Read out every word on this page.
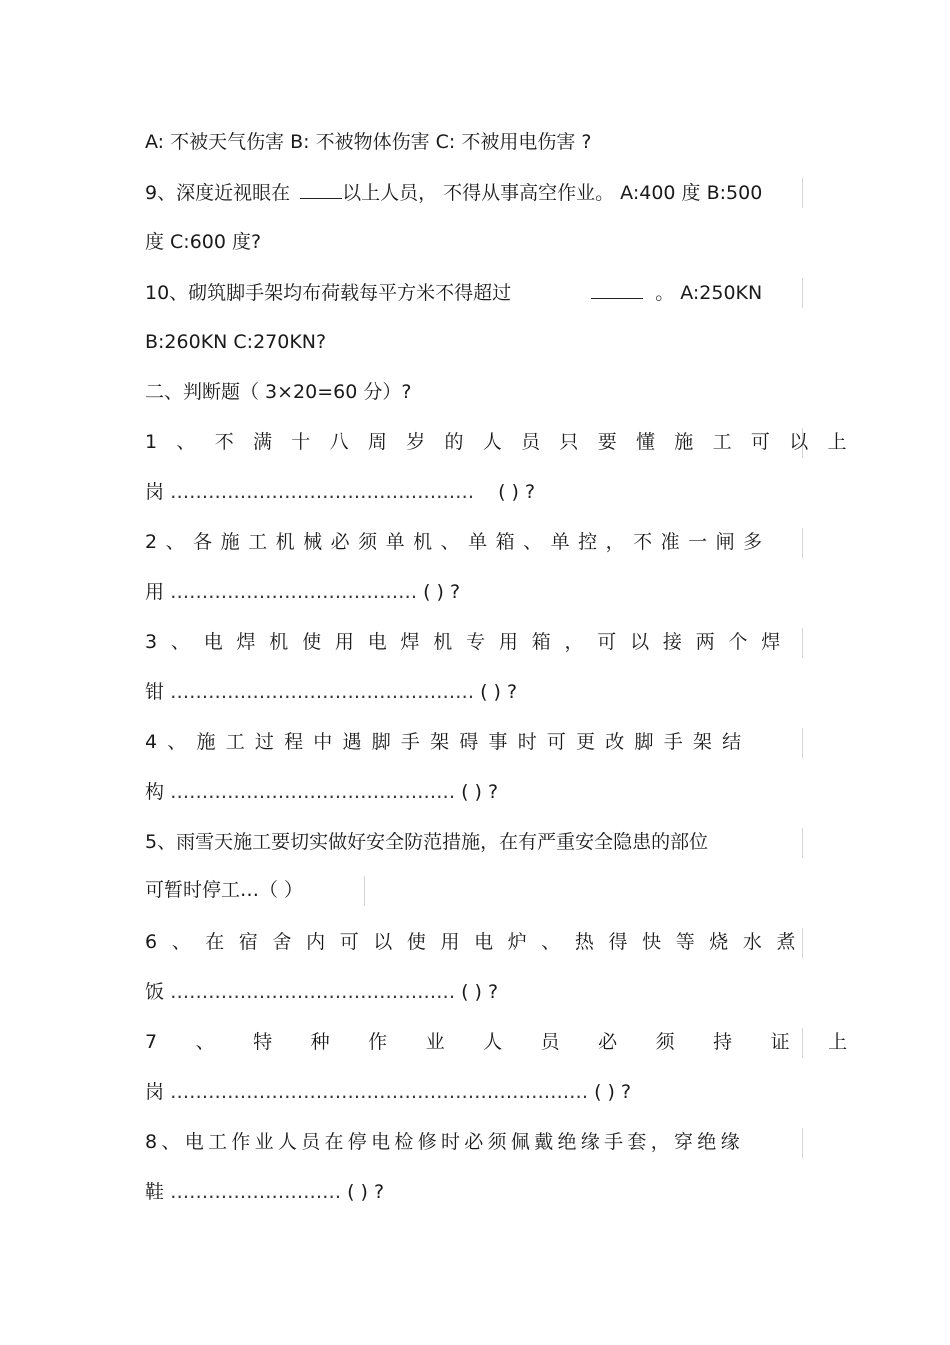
A: 不被天气伤害 B: 不被物体伤害 C: 不被用电伤害 ?

9、深度近视眼在	以上人员， 不得从事高空作业。 A:400 度 B:500

度 C:600 度?

10、砌筑脚手架均布荷载每平方米不得超过	。 A:250KN

B:260KN C:270KN?

二、判断题（ 3×20=60 分）?

1、不满十八周岁的人员只要懂施工可以上

岗 ………………………………………… ( ) ?

2、各施工机械必须单机、单箱、单控，不准一闸多

用 ………………………………… ( ) ?

3、电焊机使用电焊机专用箱，可以接两个焊

钳 ………………………………………… ( ) ?

4、施工过程中遇脚手架碍事时可更改脚手架结

构 ……………………………………… ( ) ?

5、雨雪天施工要切实做好安全防范措施，在有严重安全隐患的部位

可暂时停工…（ ）

6、在宿舍内可以使用电炉、热得快等烧水煮

饭 ……………………………………… ( ) ?

7、特种作业人员必须持证上

岗 ………………………………………………………… ( ) ?

8、电工作业人员在停电检修时必须佩戴绝缘手套，穿绝缘

鞋 ……………………… ( ) ?
